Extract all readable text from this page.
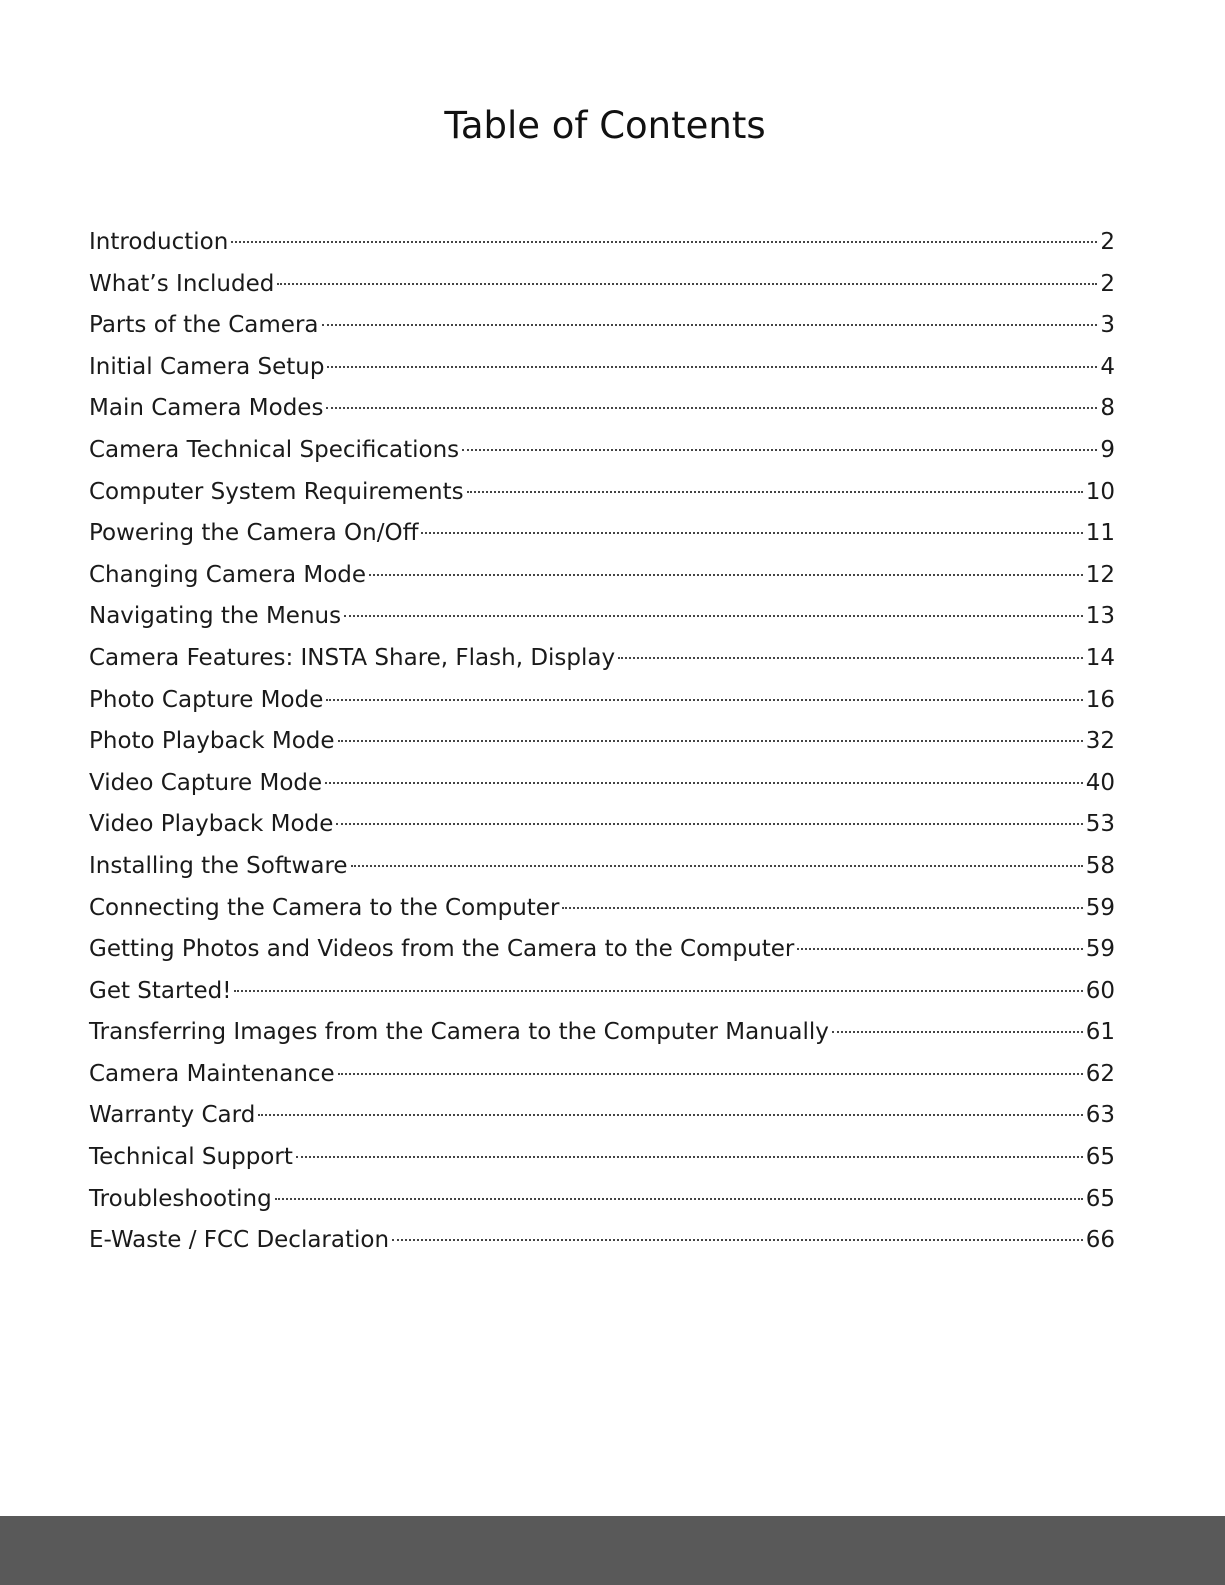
Table of Contents
Introduction	2
What’s Included	2
Parts of the Camera	3
Initial Camera Setup	4
Main Camera Modes	8
Camera Technical Specifications	9
Computer System Requirements	10
Powering the Camera On/Off	11
Changing Camera Mode	12
Navigating the Menus	13
Camera Features: INSTA Share, Flash, Display	14
Photo Capture Mode	16
Photo Playback Mode	32
Video Capture Mode	40
Video Playback Mode	53
Installing the Software	58
Connecting the Camera to the Computer	59
Getting Photos and Videos from the Camera to the Computer	59
Get Started!	60
Transferring Images from the Camera to the Computer Manually	61
Camera Maintenance	62
Warranty Card	63
Technical Support	65
Troubleshooting	65
E-Waste / FCC Declaration	66
